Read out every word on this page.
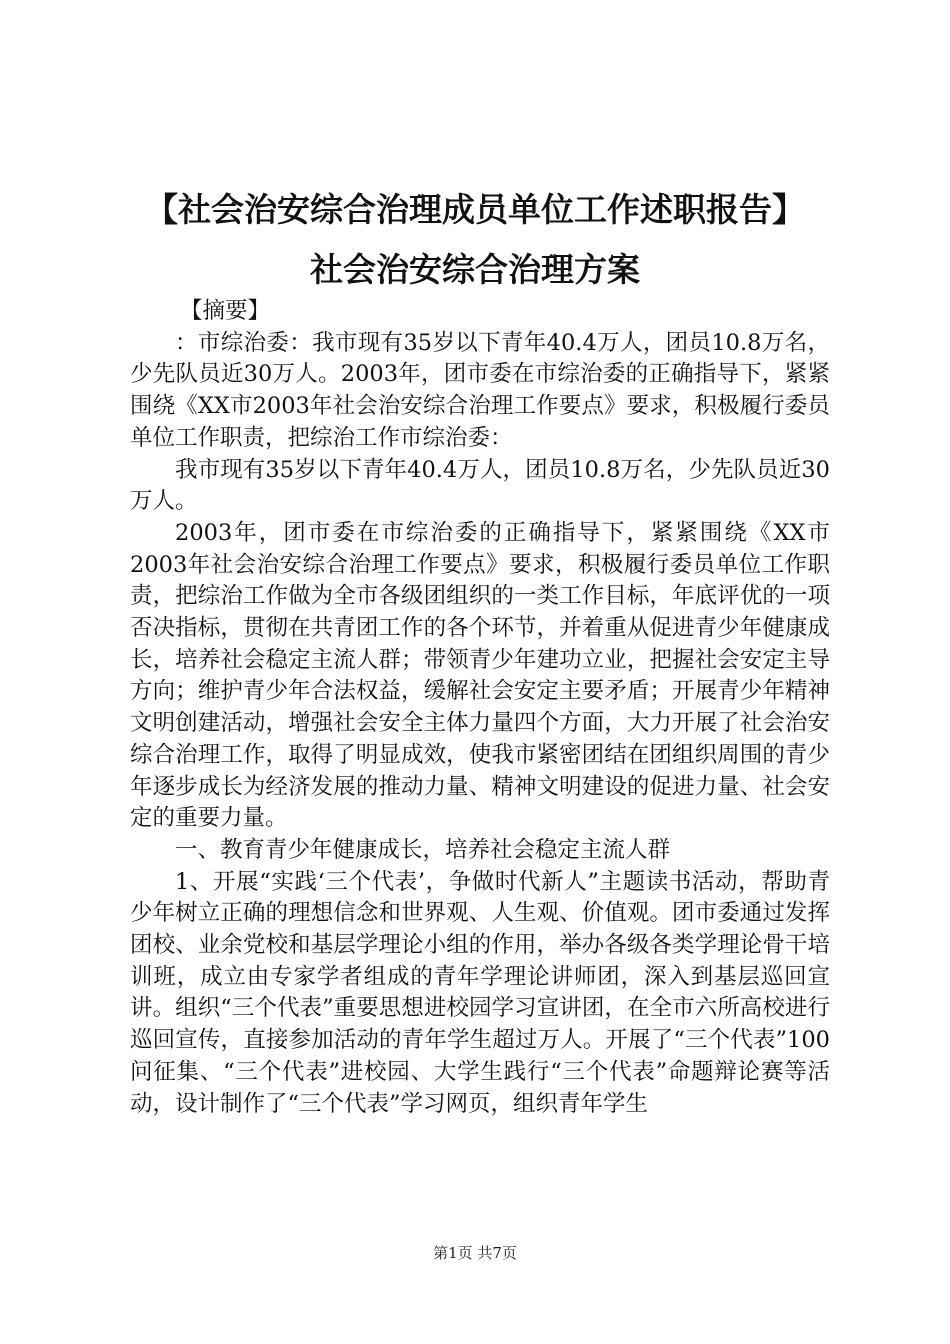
【社会治安综合治理成员单位工作述职报告】
社会治安综合治理方案

【摘要】

：市综治委：我市现有35岁以下青年40.4万人，团员10.8万名，少先队员近30万人。2003年，团市委在市综治委的正确指导下，紧紧围绕《XX市2003年社会治安综合治理工作要点》要求，积极履行委员单位工作职责，把综治工作市综治委：

我市现有35岁以下青年40.4万人，团员10.8万名，少先队员近30万人。

2003年，团市委在市综治委的正确指导下，紧紧围绕《XX市2003年社会治安综合治理工作要点》要求，积极履行委员单位工作职责，把综治工作做为全市各级团组织的一类工作目标，年底评优的一项否决指标，贯彻在共青团工作的各个环节，并着重从促进青少年健康成长，培养社会稳定主流人群；带领青少年建功立业，把握社会安定主导方向；维护青少年合法权益，缓解社会安定主要矛盾；开展青少年精神文明创建活动，增强社会安全主体力量四个方面，大力开展了社会治安综合治理工作，取得了明显成效，使我市紧密团结在团组织周围的青少年逐步成长为经济发展的推动力量、精神文明建设的促进力量、社会安定的重要力量。

一、教育青少年健康成长，培养社会稳定主流人群

1、开展“实践‘三个代表’，争做时代新人”主题读书活动，帮助青少年树立正确的理想信念和世界观、人生观、价值观。团市委通过发挥团校、业余党校和基层学理论小组的作用，举办各级各类学理论骨干培训班，成立由专家学者组成的青年学理论讲师团，深入到基层巡回宣讲。组织“三个代表”重要思想进校园学习宣讲团，在全市六所高校进行巡回宣传，直接参加活动的青年学生超过万人。开展了“三个代表”100问征集、“三个代表”进校园、大学生践行“三个代表”命题辩论赛等活动，设计制作了“三个代表”学习网页，组织青年学生

第1页 共7页
